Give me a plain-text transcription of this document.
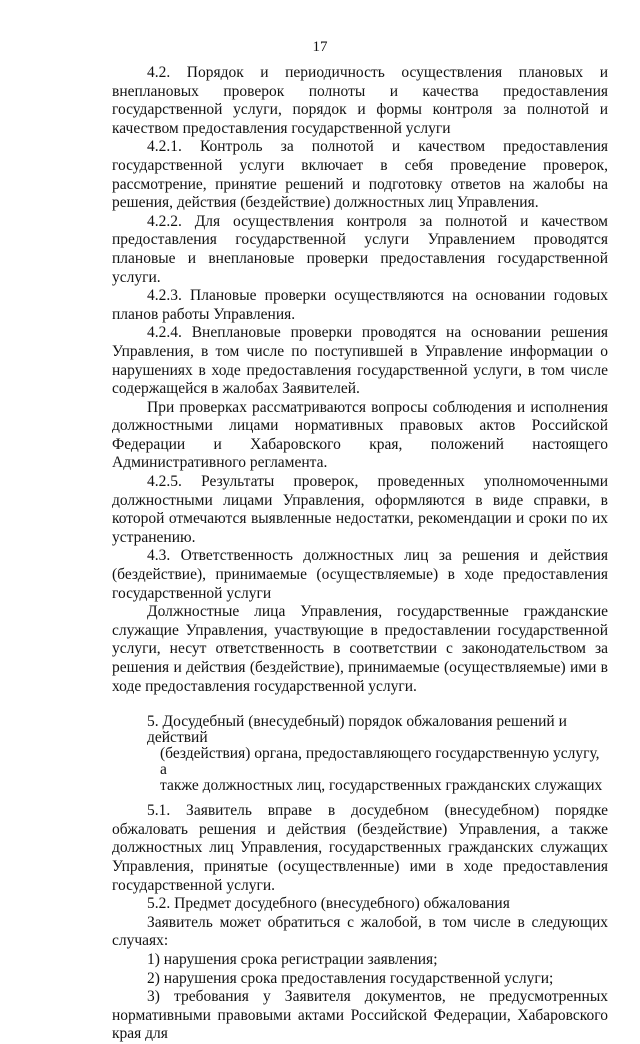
17

4.2. Порядок и периодичность осуществления плановых и внеплановых проверок полноты и качества предоставления государственной услуги, порядок и формы контроля за полнотой и качеством предоставления государственной услуги

4.2.1. Контроль за полнотой и качеством предоставления государственной услуги включает в себя проведение проверок, рассмотрение, принятие решений и подготовку ответов на жалобы на решения, действия (бездействие) должностных лиц Управления.

4.2.2. Для осуществления контроля за полнотой и качеством предоставления государственной услуги Управлением проводятся плановые и внеплановые проверки предоставления государственной услуги.

4.2.3. Плановые проверки осуществляются на основании годовых планов работы Управления.

4.2.4. Внеплановые проверки проводятся на основании решения Управления, в том числе по поступившей в Управление информации о нарушениях в ходе предоставления государственной услуги, в том числе содержащейся в жалобах Заявителей.

При проверках рассматриваются вопросы соблюдения и исполнения должностными лицами нормативных правовых актов Российской Федерации и Хабаровского края, положений настоящего Административного регламента.

4.2.5. Результаты проверок, проведенных уполномоченными должностными лицами Управления, оформляются в виде справки, в которой отмечаются выявленные недостатки, рекомендации и сроки по их устранению.

4.3. Ответственность должностных лиц за решения и действия (бездействие), принимаемые (осуществляемые) в ходе предоставления государственной услуги

Должностные лица Управления, государственные гражданские служащие Управления, участвующие в предоставлении государственной услуги, несут ответственность в соответствии с законодательством за решения и действия (бездействие), принимаемые (осуществляемые) ими в ходе предоставления государственной услуги.

5. Досудебный (внесудебный) порядок обжалования решений и действий
(бездействия) органа, предоставляющего государственную услугу, а
также должностных лиц, государственных гражданских служащих

5.1. Заявитель вправе в досудебном (внесудебном) порядке обжаловать решения и действия (бездействие) Управления, а также должностных лиц Управления, государственных гражданских служащих Управления, принятые (осуществленные) ими в ходе предоставления государственной услуги.

5.2. Предмет досудебного (внесудебного) обжалования

Заявитель может обратиться с жалобой, в том числе в следующих случаях:

1) нарушения срока регистрации заявления;

2) нарушения срока предоставления государственной услуги;

3) требования у Заявителя документов, не предусмотренных нормативными правовыми актами Российской Федерации, Хабаровского края для
